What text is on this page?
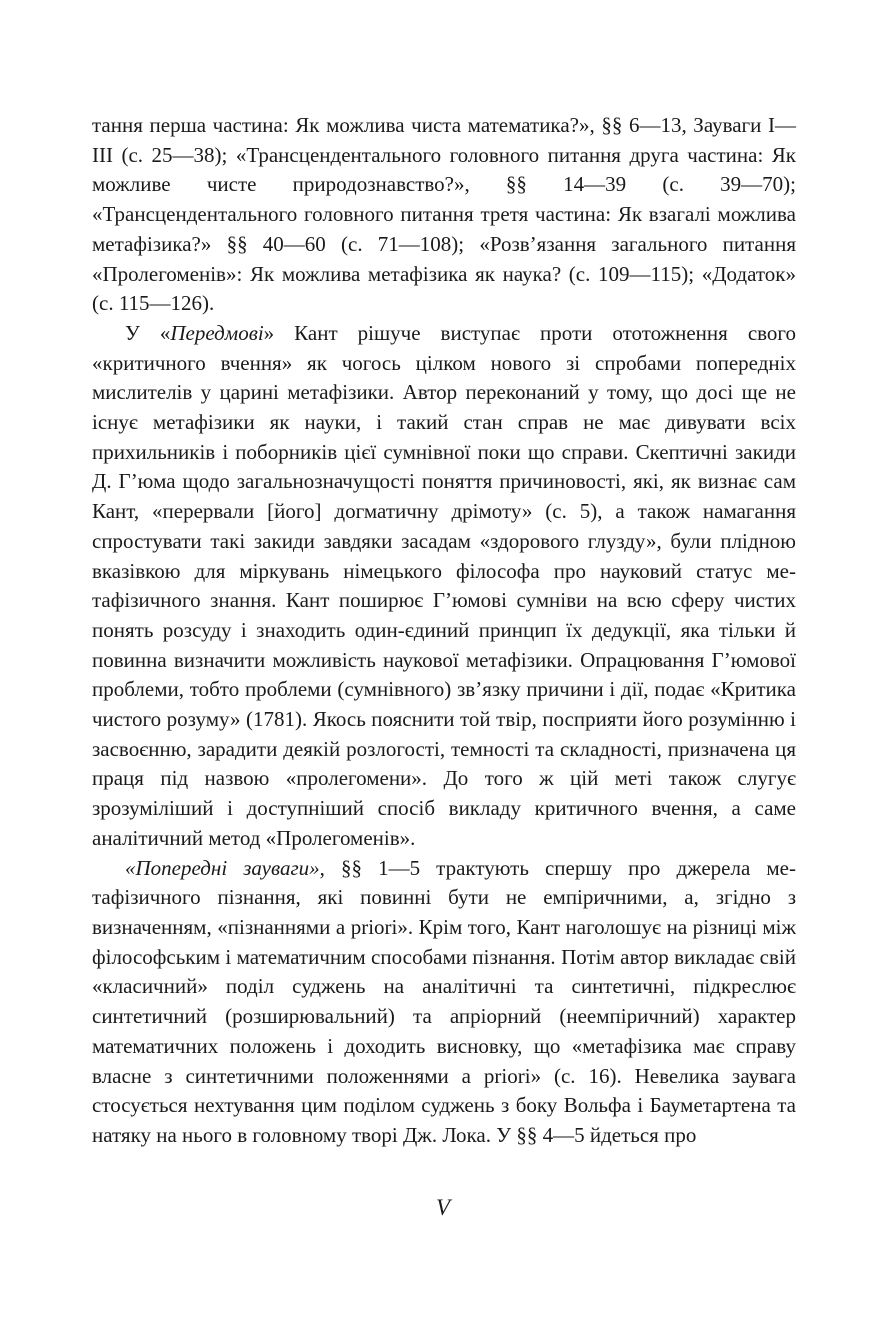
тання перша частина: Як можлива чиста математика?», §§ 6—13, Зауваги I—III (с. 25—38); «Трансцендентального головного питання друга частина: Як можливе чисте природознавство?», §§ 14—39 (с. 39—70); «Трансцендентального головного питання третя частина: Як взагалі можлива метафізика?» §§ 40—60 (с. 71—108); «Розв’язання загального питання «Пролегоменів»: Як можлива метафізика як наука? (с. 109—115); «Додаток» (с. 115—126).

У «Передмові» Кант рішуче виступає проти ототожнення свого «критичного вчення» як чогось цілком нового зі спробами попередніх мислителів у царині метафізики. Автор переконаний у тому, що досі ще не існує метафізики як науки, і такий стан справ не має дивувати всіх прихильників і поборників цієї сумнівної поки що справи. Скептичні закиди Д. Г’юма щодо загальнозначущості поняття причиновості, які, як визнає сам Кант, «перервали [його] догматичну дрімоту» (с. 5), а також намагання спростувати такі закиди завдяки засадам «здорового глузду», були плідною вказівкою для міркувань німецького філософа про науковий статус метафізичного знання. Кант поширює Г’юмові сумніви на всю сферу чистих понять розсуду і знаходить один-єдиний принцип їх дедукції, яка тільки й повинна визначити можливість наукової метафізики. Опрацювання Г’юмової проблеми, тобто проблеми (сумнівного) зв’язку причини і дії, подає «Критика чистого розуму» (1781). Якось пояснити той твір, посприяти його розумінню і засвоєнню, зарадити деякій розлогості, темності та складності, призначена ця праця під назвою «пролегомени». До того ж цій меті також слугує зрозуміліший і доступніший спосіб викладу критичного вчення, а саме аналітичний метод «Пролегоменів».

«Попередні зауваги», §§ 1—5 трактують спершу про джерела метафізичного пізнання, які повинні бути не емпіричними, а, згідно з визначенням, «пізнаннями a priori». Крім того, Кант наголошує на різниці між філософським і математичним способами пізнання. Потім автор викладає свій «класичний» поділ суджень на аналітичні та синтетичні, підкреслює синтетичний (розширювальний) та апріорний (неемпіричний) характер математичних положень і доходить висновку, що «метафізика має справу власне з синтетичними положеннями a priori» (с. 16). Невелика заувага стосується нехтування цим поділом суджень з боку Вольфа і Бауметартена та натяку на нього в головному творі Дж. Лока. У §§ 4—5 йдеться про

V
